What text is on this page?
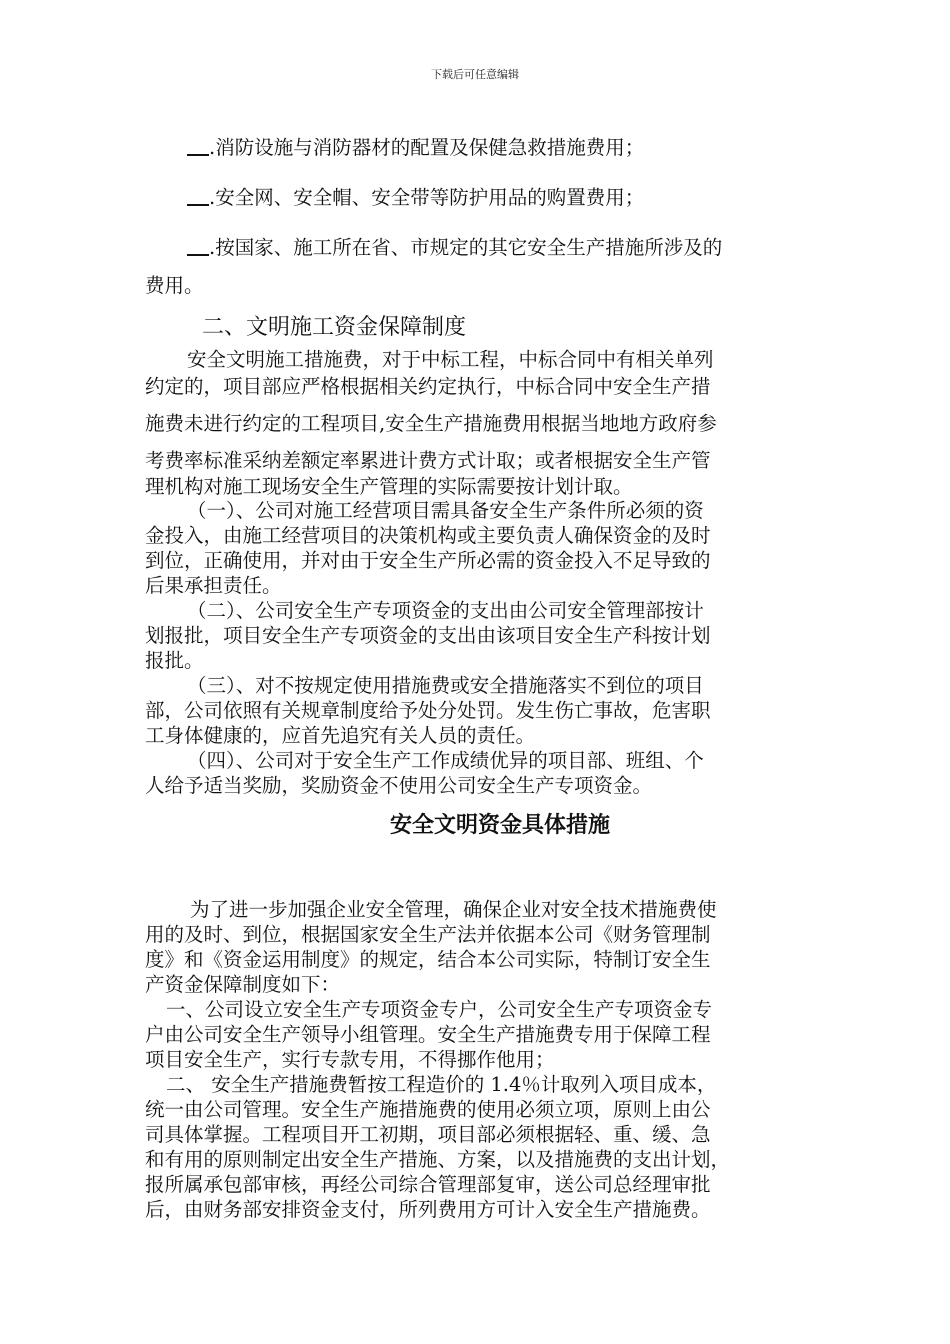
下载后可任意编辑
.消防设施与消防器材的配置及保健急救措施费用；
.安全网、安全帽、安全带等防护用品的购置费用；
.按国家、施工所在省、市规定的其它安全生产措施所涉及的
费用。
二、文明施工资金保障制度
安全文明施工措施费，对于中标工程，中标合同中有相关单列
约定的，项目部应严格根据相关约定执行，中标合同中安全生产措
施费未进行约定的工程项目,安全生产措施费用根据当地地方政府参
考费率标准采纳差额定率累进计费方式计取；或者根据安全生产管
理机构对施工现场安全生产管理的实际需要按计划计取。
（一）、公司对施工经营项目需具备安全生产条件所必须的资
金投入，由施工经营项目的决策机构或主要负责人确保资金的及时
到位，正确使用，并对由于安全生产所必需的资金投入不足导致的
后果承担责任。
（二）、公司安全生产专项资金的支出由公司安全管理部按计
划报批，项目安全生产专项资金的支出由该项目安全生产科按计划
报批。
（三）、对不按规定使用措施费或安全措施落实不到位的项目
部，公司依照有关规章制度给予处分处罚。发生伤亡事故，危害职
工身体健康的，应首先追究有关人员的责任。
（四）、公司对于安全生产工作成绩优异的项目部、班组、个
人给予适当奖励，奖励资金不使用公司安全生产专项资金。
安全文明资金具体措施
为了进一步加强企业安全管理，确保企业对安全技术措施费使
用的及时、到位，根据国家安全生产法并依据本公司《财务管理制
度》和《资金运用制度》的规定，结合本公司实际，特制订安全生
产资金保障制度如下：
一、公司设立安全生产专项资金专户，公司安全生产专项资金专
户由公司安全生产领导小组管理。安全生产措施费专用于保障工程
项目安全生产，实行专款专用，不得挪作他用；
二、 安全生产措施费暂按工程造价的 1.4％计取列入项目成本，
统一由公司管理。安全生产施措施费的使用必须立项，原则上由公
司具体掌握。工程项目开工初期，项目部必须根据轻、重、缓、急
和有用的原则制定出安全生产措施、方案，以及措施费的支出计划，
报所属承包部审核，再经公司综合管理部复审，送公司总经理审批
后，由财务部安排资金支付，所列费用方可计入安全生产措施费。
